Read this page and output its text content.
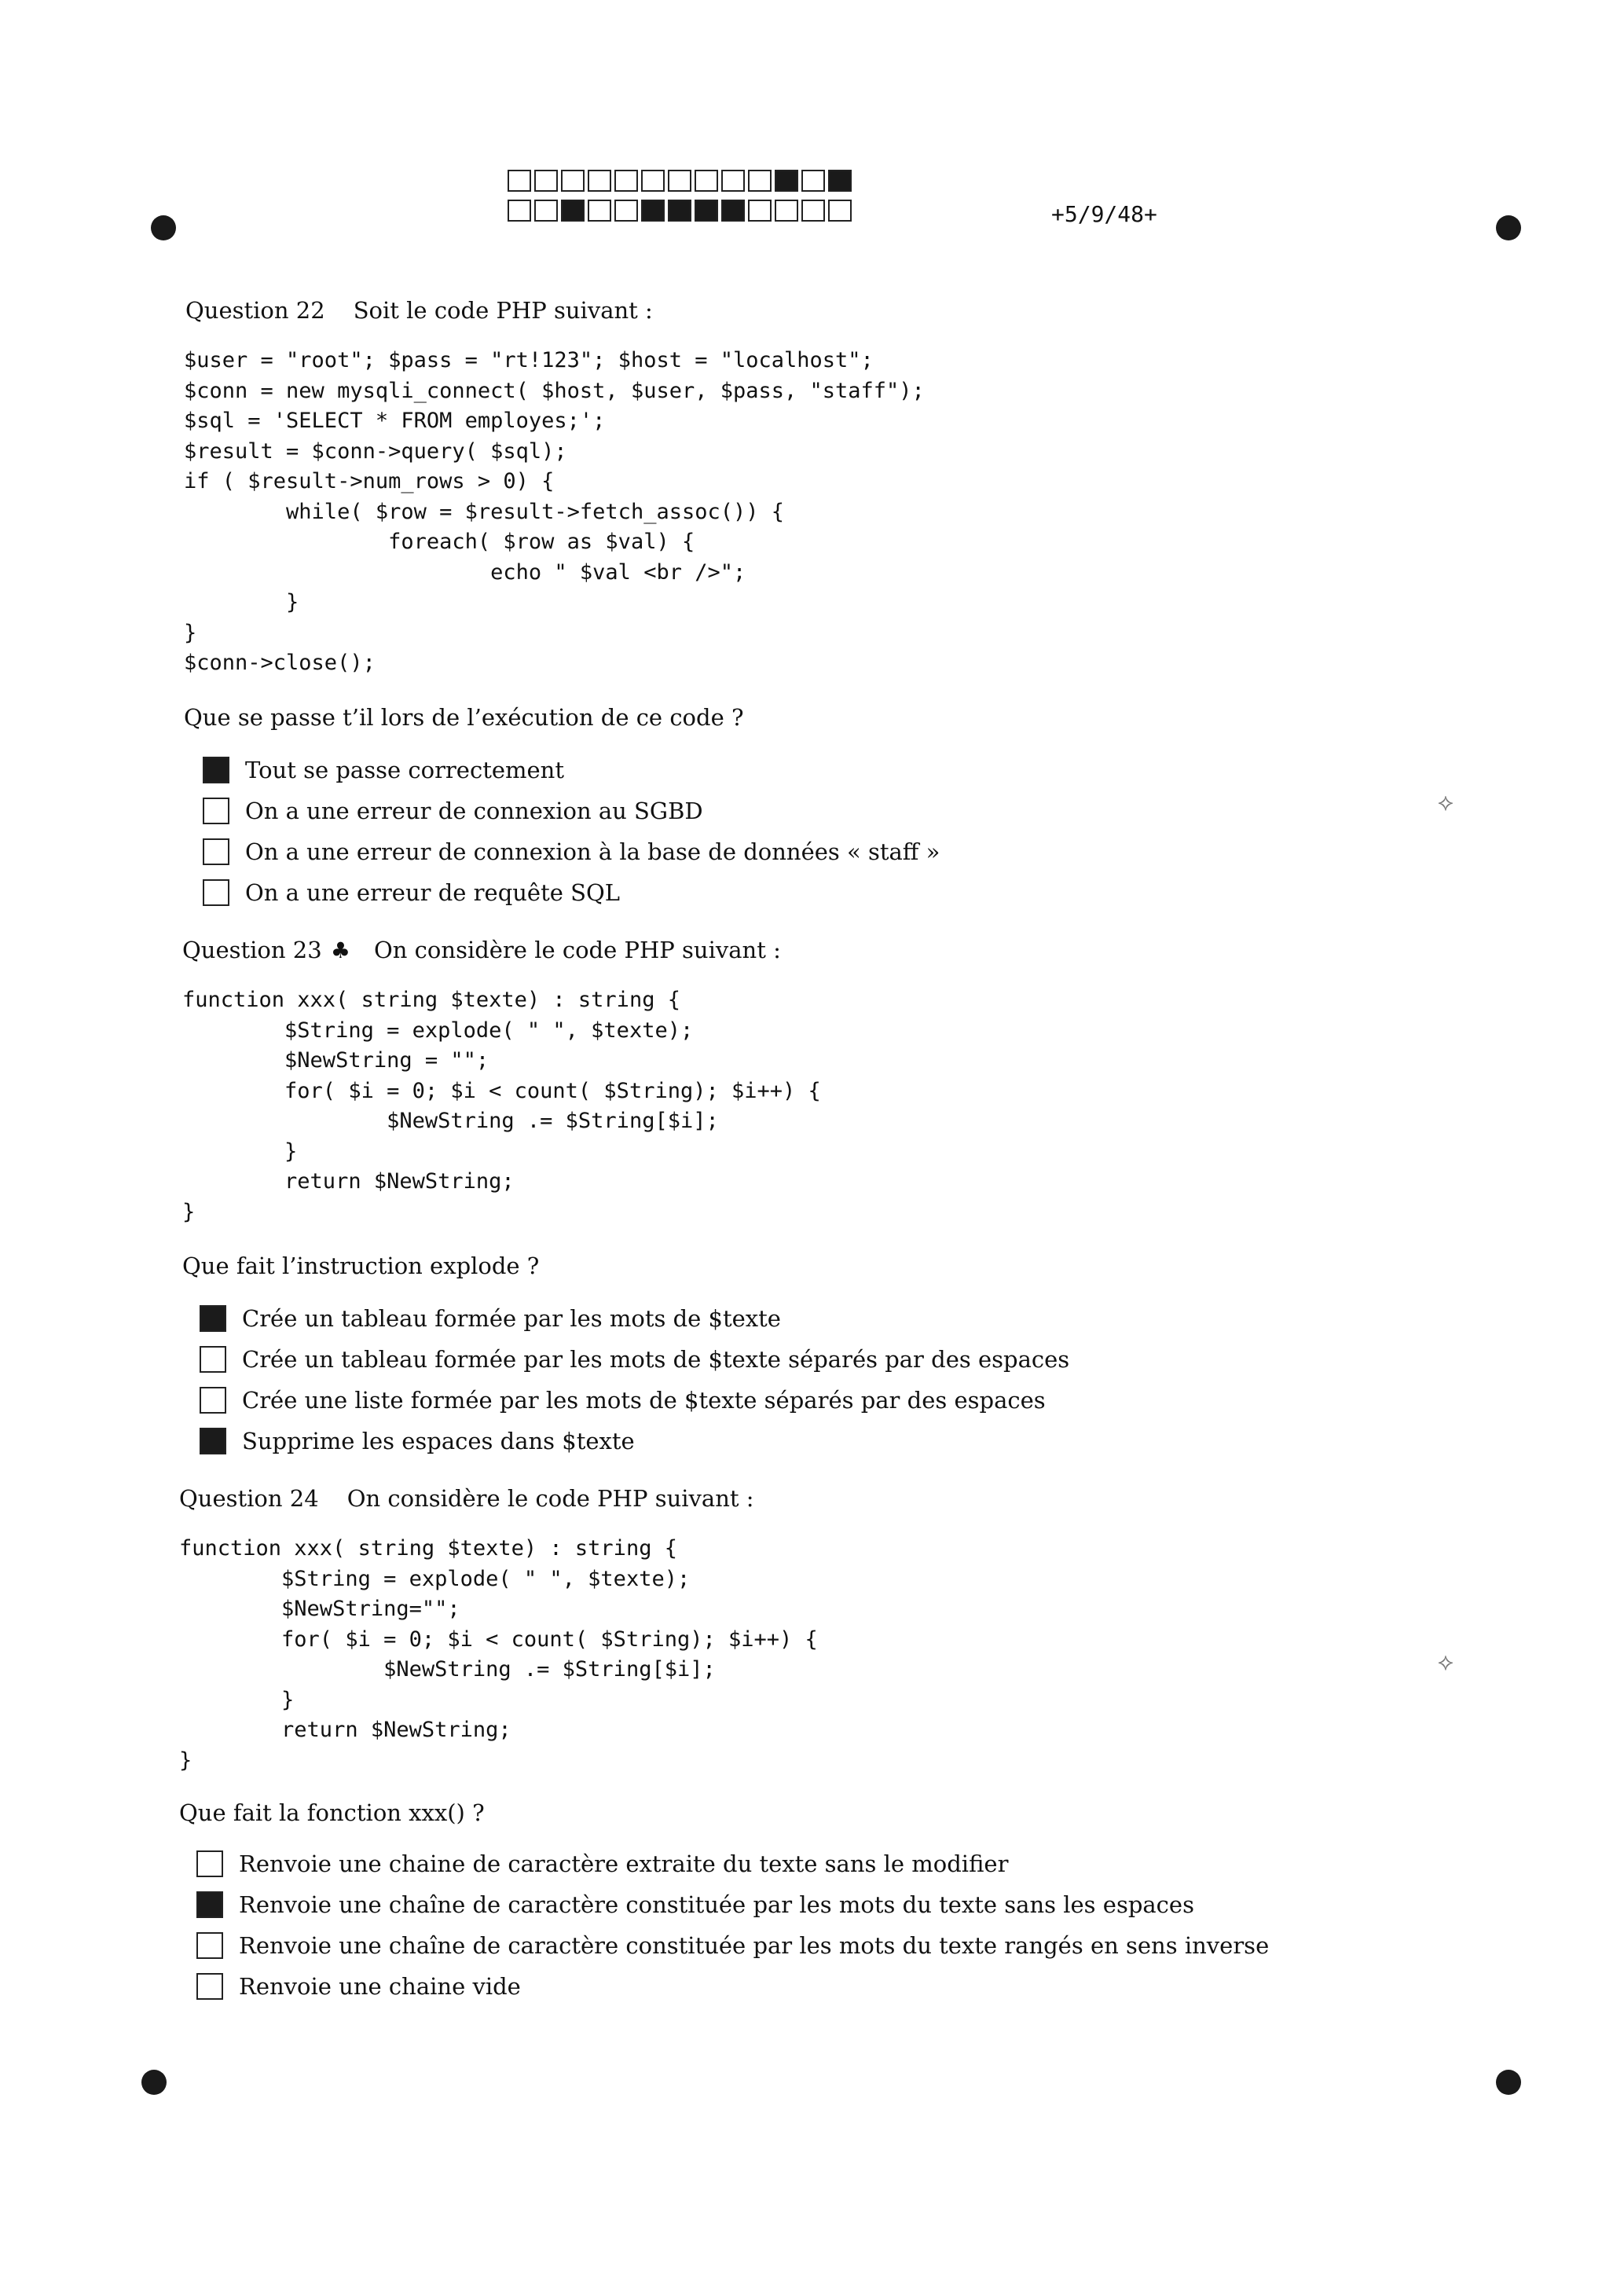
+5/9/48+
Question 22 Soit le code PHP suivant :
$user = "root"; $pass = "rt!123"; $host = "localhost";
$conn = new mysqli_connect( $host, $user, $pass, "staff");
$sql = 'SELECT * FROM employes;';
$result = $conn->query( $sql);
if ( $result->num_rows > 0) {
while( $row = $result->fetch_assoc()) {
foreach( $row as $val) {
echo " $val <br />";
}
}
$conn->close();
Que se passe t’il lors de l’exécution de ce code ?
Tout se passe correctement
On a une erreur de connexion au SGBD
On a une erreur de connexion à la base de données « staff »
On a une erreur de requête SQL
Question 23 ♣ On considère le code PHP suivant :
function xxx( string $texte) : string {
$String = explode( " ", $texte);
$NewString = "";
for( $i = 0; $i < count( $String); $i++) {
$NewString .= $String[$i];
}
return $NewString;
}
Que fait l’instruction explode ?
Crée un tableau formée par les mots de $texte
Crée un tableau formée par les mots de $texte séparés par des espaces
Crée une liste formée par les mots de $texte séparés par des espaces
Supprime les espaces dans $texte
⟡
Question 24 On considère le code PHP suivant :
function xxx( string $texte) : string {
$String = explode( " ", $texte);
$NewString="";
for( $i = 0; $i < count( $String); $i++) {
$NewString .= $String[$i];
}
return $NewString;
}
Que fait la fonction xxx() ?
Renvoie une chaine de caractère extraite du texte sans le modifier
Renvoie une chaîne de caractère constituée par les mots du texte sans les espaces
Renvoie une chaîne de caractère constituée par les mots du texte rangés en sens inverse
Renvoie une chaine vide
⟡
